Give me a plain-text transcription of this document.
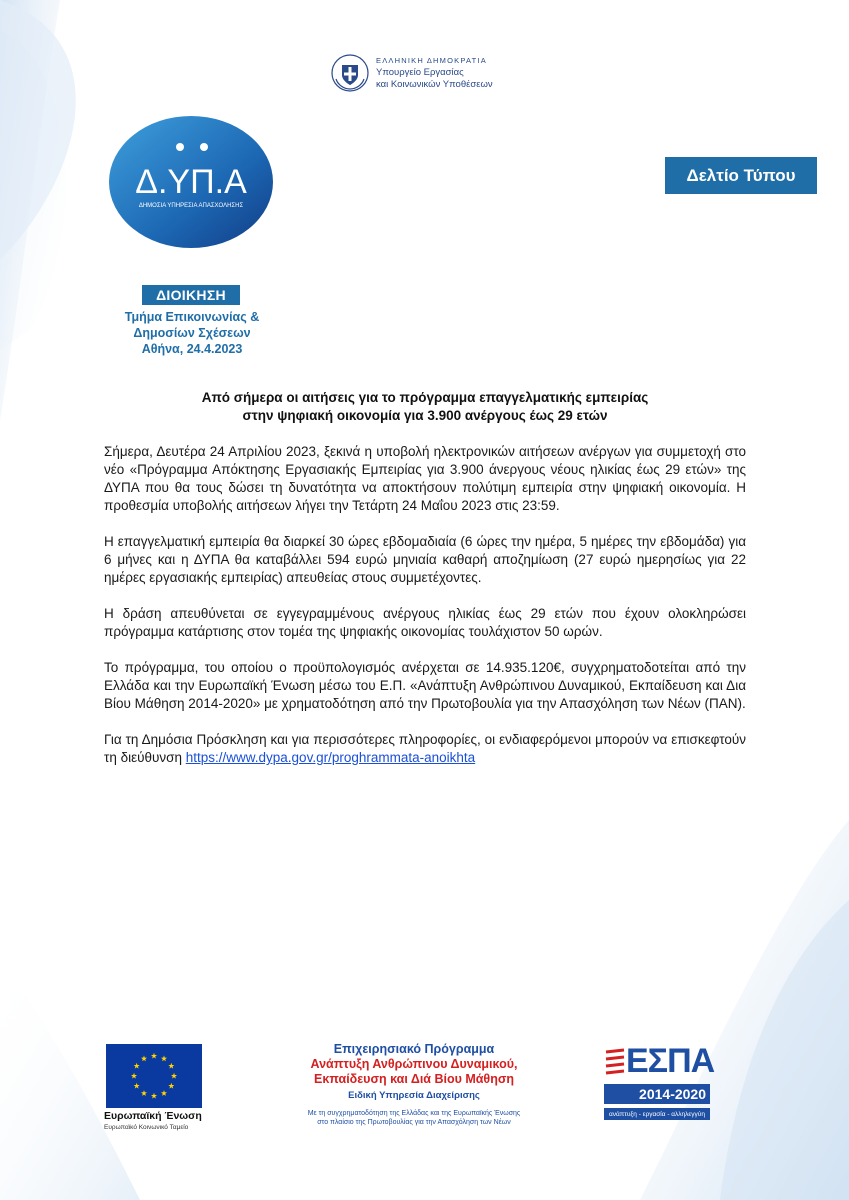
ΕΛΛΗΝΙΚΗ ΔΗΜΟΚΡΑΤΙΑ
Υπουργείο Εργασίας
και Κοινωνικών Υποθέσεων
Δ.ΥΠ.Α
ΔΗΜΟΣΙΑ ΥΠΗΡΕΣΙΑ ΑΠΑΣΧΟΛΗΣΗΣ
Δελτίο Τύπου
ΔΙΟΙΚΗΣΗ
Τμήμα Επικοινωνίας &
Δημοσίων Σχέσεων
Αθήνα, 24.4.2023
Από σήμερα οι αιτήσεις για το πρόγραμμα επαγγελματικής εμπειρίας
στην ψηφιακή οικονομία για 3.900 ανέργους έως 29 ετών

Σήμερα, Δευτέρα 24 Απριλίου 2023, ξεκινά η υποβολή ηλεκτρονικών αιτήσεων ανέργων για συμμετοχή στο νέο «Πρόγραμμα Απόκτησης Εργασιακής Εμπειρίας για 3.900 άνεργους νέους ηλικίας έως 29 ετών» της ΔΥΠΑ που θα τους δώσει τη δυνατότητα να αποκτήσουν πολύτιμη εμπειρία στην ψηφιακή οικονομία. Η προθεσμία υποβολής αιτήσεων λήγει την Τετάρτη 24 Μαΐου 2023 στις 23:59.

Η επαγγελματική εμπειρία θα διαρκεί 30 ώρες εβδομαδιαία (6 ώρες την ημέρα, 5 ημέρες την εβδομάδα) για 6 μήνες και η ΔΥΠΑ θα καταβάλλει 594 ευρώ μηνιαία καθαρή αποζημίωση (27 ευρώ ημερησίως για 22 ημέρες εργασιακής εμπειρίας) απευθείας στους συμμετέχοντες.

Η δράση απευθύνεται σε εγγεγραμμένους ανέργους ηλικίας έως 29 ετών που έχουν ολοκληρώσει πρόγραμμα κατάρτισης στον τομέα της ψηφιακής οικονομίας τουλάχιστον 50 ωρών.

Το πρόγραμμα, του οποίου ο προϋπολογισμός ανέρχεται σε 14.935.120€, συγχρηματοδοτείται από την Ελλάδα και την Ευρωπαϊκή Ένωση μέσω του Ε.Π. «Ανάπτυξη Ανθρώπινου Δυναμικού, Εκπαίδευση και Δια Βίου Μάθηση 2014-2020» με χρηματοδότηση από την Πρωτοβουλία για την Απασχόληση των Νέων (ΠΑΝ).

Για τη Δημόσια Πρόσκληση και για περισσότερες πληροφορίες, οι ενδιαφερόμενοι μπορούν να επισκεφτούν τη διεύθυνση https://www.dypa.gov.gr/proghrammata-anoikhta

Ευρωπαϊκή Ένωση
Ευρωπαϊκό Κοινωνικό Ταμείο
Επιχειρησιακό Πρόγραμμα
Ανάπτυξη Ανθρώπινου Δυναμικού,
Εκπαίδευση και Διά Βίου Μάθηση
Ειδική Υπηρεσία Διαχείρισης
Με τη συγχρηματοδότηση της Ελλάδας και της Ευρωπαϊκής Ένωσης
στο πλαίσιο της Πρωτοβουλίας για την Απασχόληση των Νέων
ΕΣΠΑ
2014-2020
ανάπτυξη - εργασία - αλληλεγγύη
